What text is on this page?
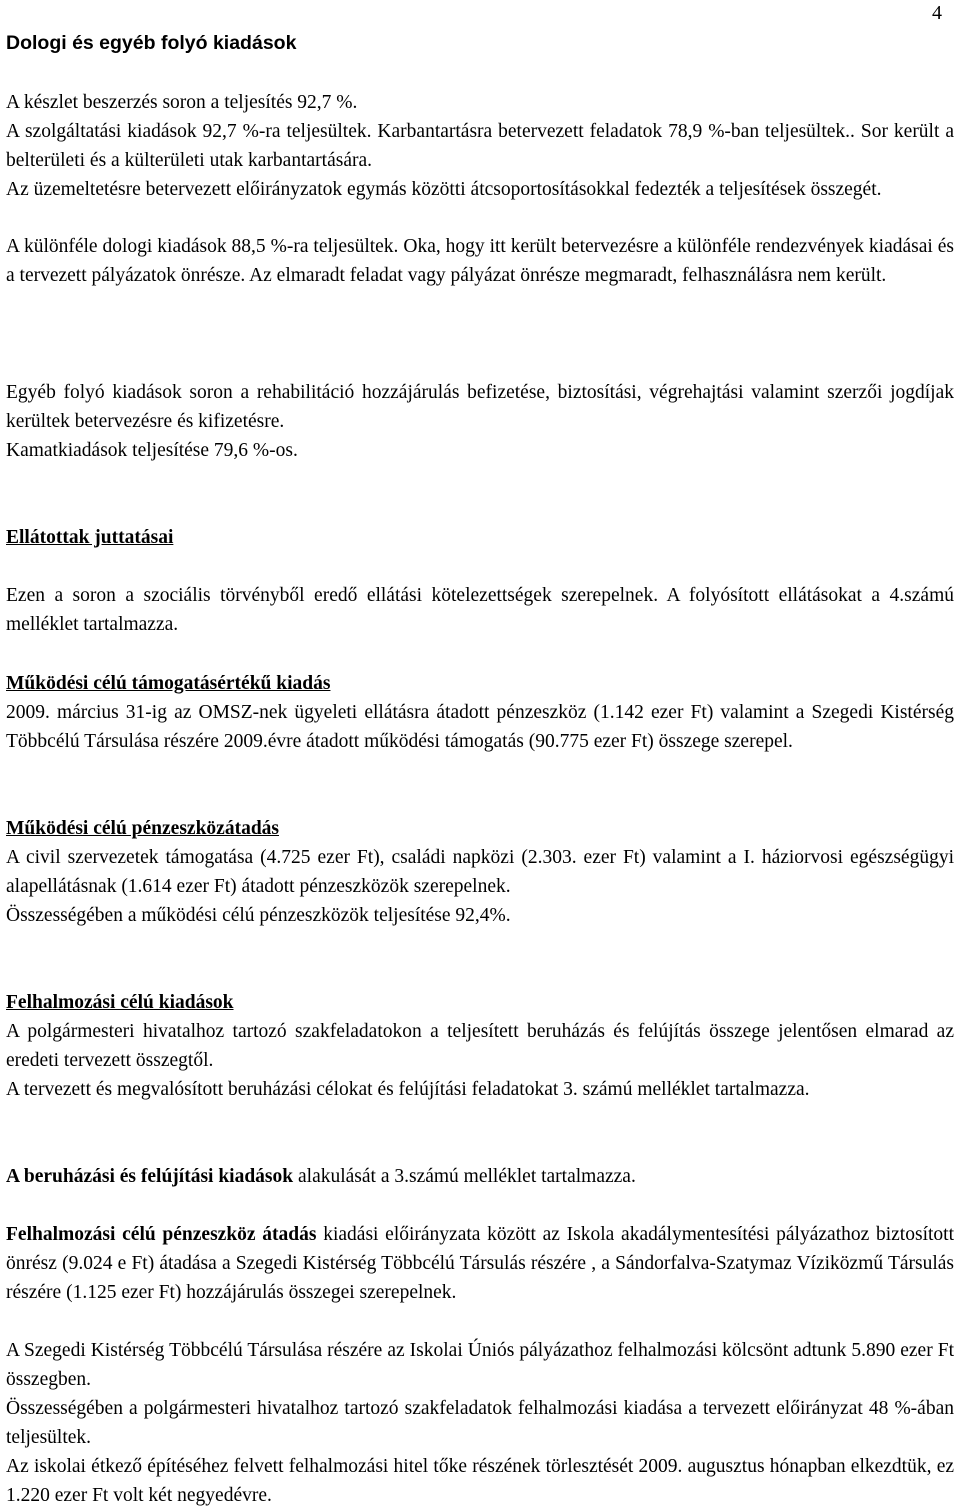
4
Dologi és egyéb folyó kiadások

A készlet beszerzés soron a teljesítés 92,7 %.

A szolgáltatási kiadások 92,7 %-ra teljesültek. Karbantartásra betervezett feladatok 78,9 %-ban teljesültek.. Sor került a belterületi és a külterületi utak karbantartására.

Az üzemeltetésre betervezett előirányzatok egymás közötti átcsoportosításokkal fedezték a teljesítések összegét.

A különféle dologi kiadások 88,5 %-ra teljesültek. Oka, hogy itt került betervezésre a különféle rendezvények kiadásai és a tervezett pályázatok önrésze. Az elmaradt feladat vagy pályázat önrésze megmaradt, felhasználásra nem került.

Egyéb folyó kiadások soron a rehabilitáció hozzájárulás befizetése, biztosítási, végrehajtási valamint szerzői jogdíjak kerültek betervezésre és kifizetésre.

Kamatkiadások teljesítése 79,6 %-os.

Ellátottak juttatásai

Ezen a soron a szociális törvényből eredő ellátási kötelezettségek szerepelnek. A folyósított ellátásokat a 4.számú melléklet tartalmazza.

Működési célú támogatásértékű kiadás

2009. március 31-ig az OMSZ-nek ügyeleti ellátásra átadott pénzeszköz (1.142 ezer Ft) valamint a Szegedi Kistérség Többcélú Társulása részére 2009.évre átadott működési támogatás (90.775 ezer Ft) összege szerepel.

Működési célú pénzeszközátadás

A civil szervezetek támogatása (4.725 ezer Ft), családi napközi (2.303. ezer Ft) valamint a I. háziorvosi egészségügyi alapellátásnak (1.614 ezer Ft) átadott pénzeszközök szerepelnek.

Összességében a működési célú pénzeszközök teljesítése 92,4%.

Felhalmozási célú kiadások

A polgármesteri hivatalhoz tartozó szakfeladatokon a teljesített beruházás és felújítás összege jelentősen elmarad az eredeti tervezett összegtől.

A tervezett és megvalósított beruházási célokat és felújítási feladatokat 3. számú melléklet tartalmazza.

A beruházási és felújítási kiadások alakulását a 3.számú melléklet tartalmazza.

Felhalmozási célú pénzeszköz átadás kiadási előirányzata között az Iskola akadálymentesítési pályázathoz biztosított önrész (9.024 e Ft) átadása a Szegedi Kistérség Többcélú Társulás részére , a Sándorfalva-Szatymaz Víziközmű Társulás részére (1.125 ezer Ft) hozzájárulás összegei szerepelnek.

A Szegedi Kistérség Többcélú Társulása részére az Iskolai Úniós pályázathoz felhalmozási kölcsönt adtunk 5.890 ezer Ft összegben.

Összességében a polgármesteri hivatalhoz tartozó szakfeladatok felhalmozási kiadása a tervezett előirányzat 48 %-ában teljesültek.

Az iskolai étkező építéséhez felvett felhalmozási hitel tőke részének törlesztését 2009. augusztus hónapban elkezdtük, ez 1.220 ezer Ft volt két negyedévre.
